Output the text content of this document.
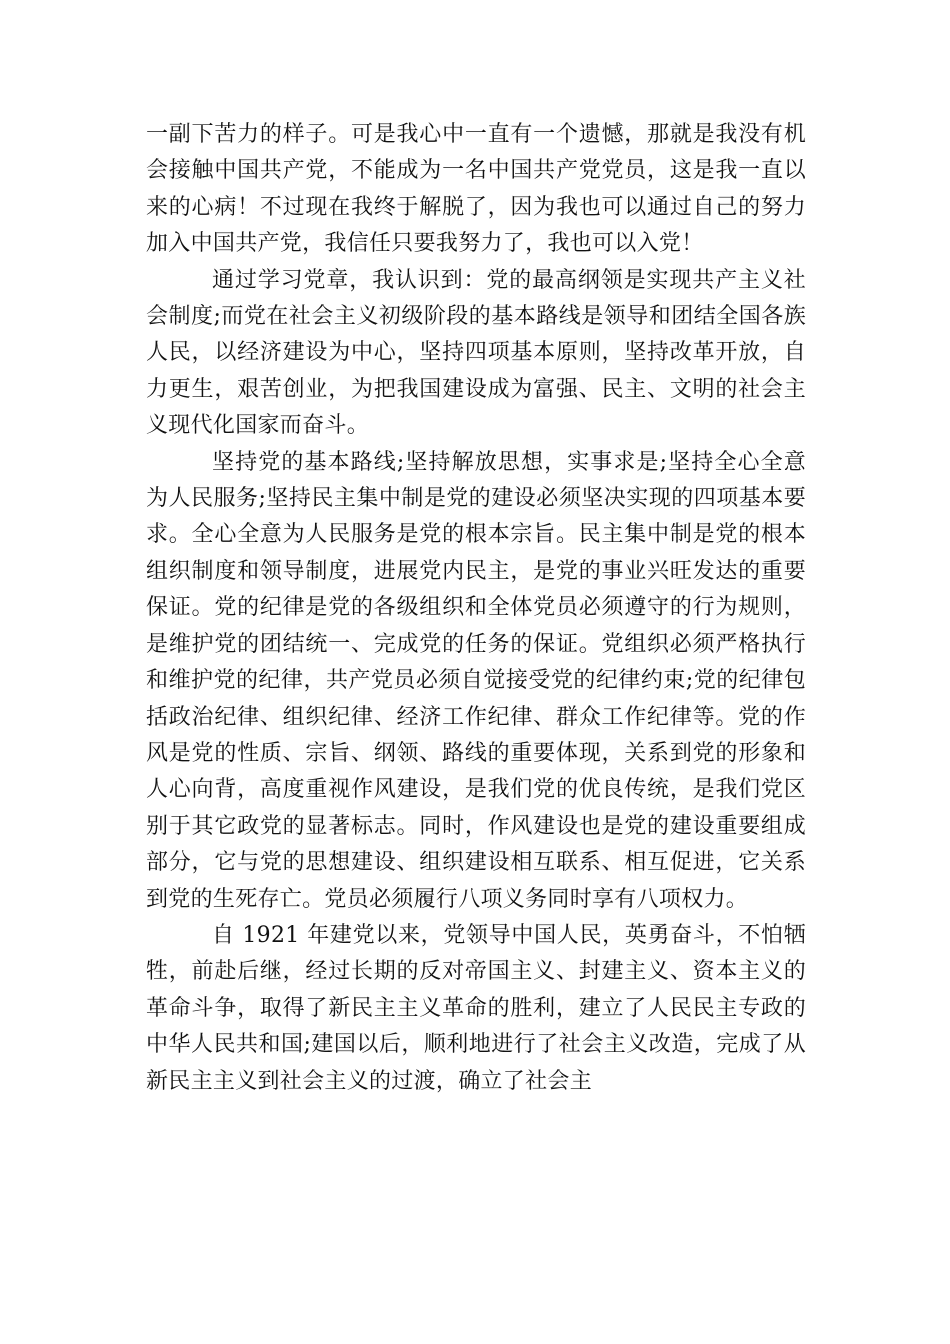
一副下苦力的样子。可是我心中一直有一个遗憾，那就是我没有机会接触中国共产党，不能成为一名中国共产党党员，这是我一直以来的心病！不过现在我终于解脱了，因为我也可以通过自己的努力加入中国共产党，我信任只要我努力了，我也可以入党！

通过学习党章，我认识到：党的最高纲领是实现共产主义社会制度;而党在社会主义初级阶段的基本路线是领导和团结全国各族人民，以经济建设为中心，坚持四项基本原则，坚持改革开放，自力更生，艰苦创业，为把我国建设成为富强、民主、文明的社会主义现代化国家而奋斗。

坚持党的基本路线;坚持解放思想，实事求是;坚持全心全意为人民服务;坚持民主集中制是党的建设必须坚决实现的四项基本要求。全心全意为人民服务是党的根本宗旨。民主集中制是党的根本组织制度和领导制度，进展党内民主，是党的事业兴旺发达的重要保证。党的纪律是党的各级组织和全体党员必须遵守的行为规则，是维护党的团结统一、完成党的任务的保证。党组织必须严格执行和维护党的纪律，共产党员必须自觉接受党的纪律约束;党的纪律包括政治纪律、组织纪律、经济工作纪律、群众工作纪律等。党的作风是党的性质、宗旨、纲领、路线的重要体现，关系到党的形象和人心向背，高度重视作风建设，是我们党的优良传统，是我们党区别于其它政党的显著标志。同时，作风建设也是党的建设重要组成部分，它与党的思想建设、组织建设相互联系、相互促进，它关系到党的生死存亡。党员必须履行八项义务同时享有八项权力。

自 1921 年建党以来，党领导中国人民，英勇奋斗，不怕牺牲，前赴后继，经过长期的反对帝国主义、封建主义、资本主义的革命斗争，取得了新民主主义革命的胜利，建立了人民民主专政的中华人民共和国;建国以后，顺利地进行了社会主义改造，完成了从新民主主义到社会主义的过渡，确立了社会主
